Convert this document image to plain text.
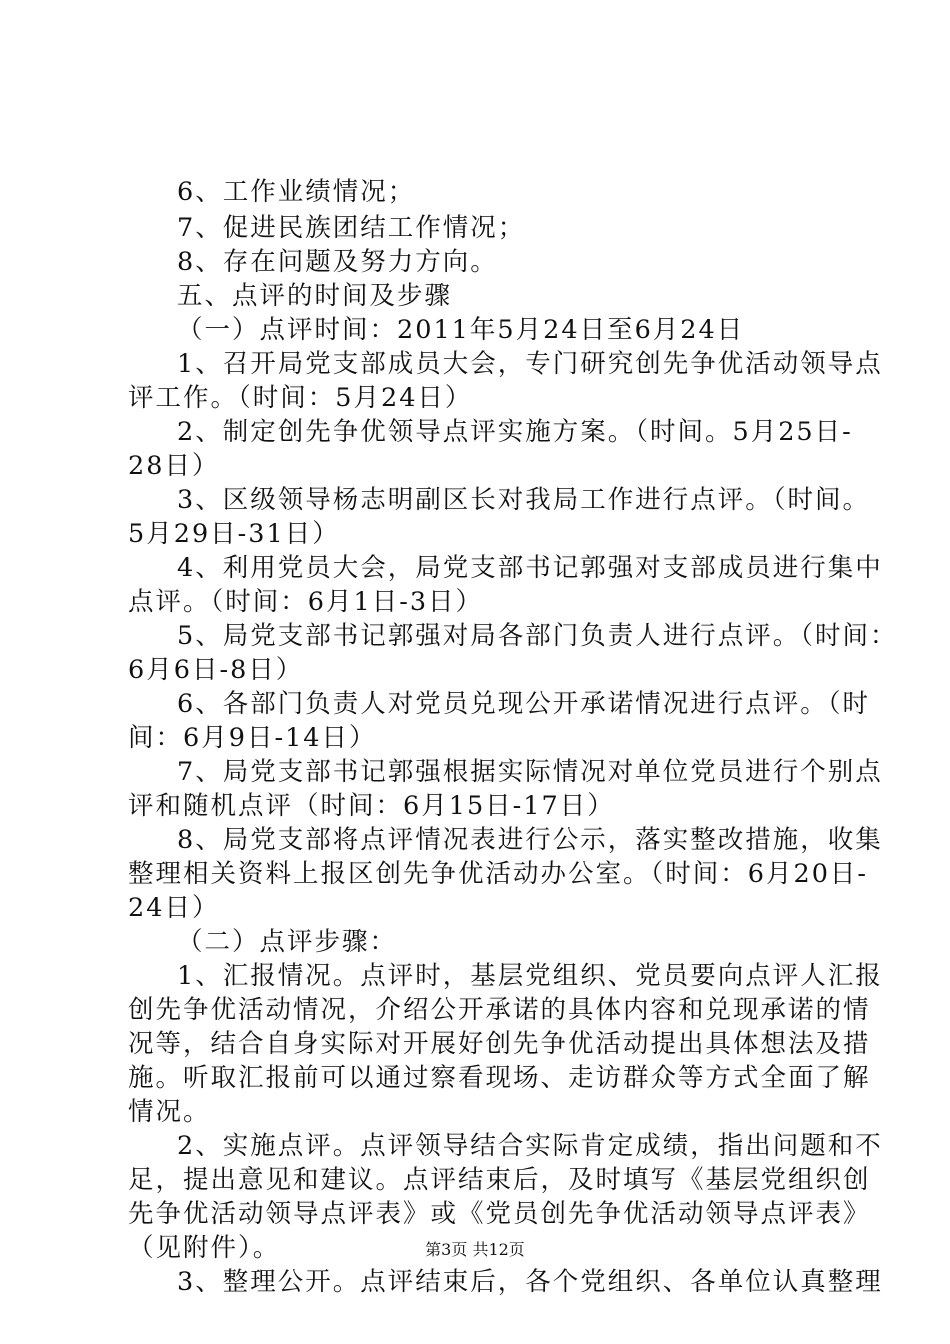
6、工作业绩情况；
7、促进民族团结工作情况；
8、存在问题及努力方向。
五、点评的时间及步骤
（一）点评时间：2011年5月24日至6月24日
1、召开局党支部成员大会，专门研究创先争优活动领导点
评工作。（时间：5月24日）
2、制定创先争优领导点评实施方案。（时间。5月25日-
28日）
3、区级领导杨志明副区长对我局工作进行点评。（时间。
5月29日-31日）
4、利用党员大会，局党支部书记郭强对支部成员进行集中
点评。（时间：6月1日-3日）
5、局党支部书记郭强对局各部门负责人进行点评。（时间：
6月6日-8日）
6、各部门负责人对党员兑现公开承诺情况进行点评。（时
间：6月9日-14日）
7、局党支部书记郭强根据实际情况对单位党员进行个别点
评和随机点评（时间：6月15日-17日）
8、局党支部将点评情况表进行公示，落实整改措施，收集
整理相关资料上报区创先争优活动办公室。（时间：6月20日-
24日）
（二）点评步骤：
1、汇报情况。点评时，基层党组织、党员要向点评人汇报
创先争优活动情况，介绍公开承诺的具体内容和兑现承诺的情
况等，结合自身实际对开展好创先争优活动提出具体想法及措
施。听取汇报前可以通过察看现场、走访群众等方式全面了解
情况。
2、实施点评。点评领导结合实际肯定成绩，指出问题和不
足，提出意见和建议。点评结束后，及时填写《基层党组织创
先争优活动领导点评表》或《党员创先争优活动领导点评表》
（见附件）。
3、整理公开。点评结束后，各个党组织、各单位认真整理
第3页 共12页
